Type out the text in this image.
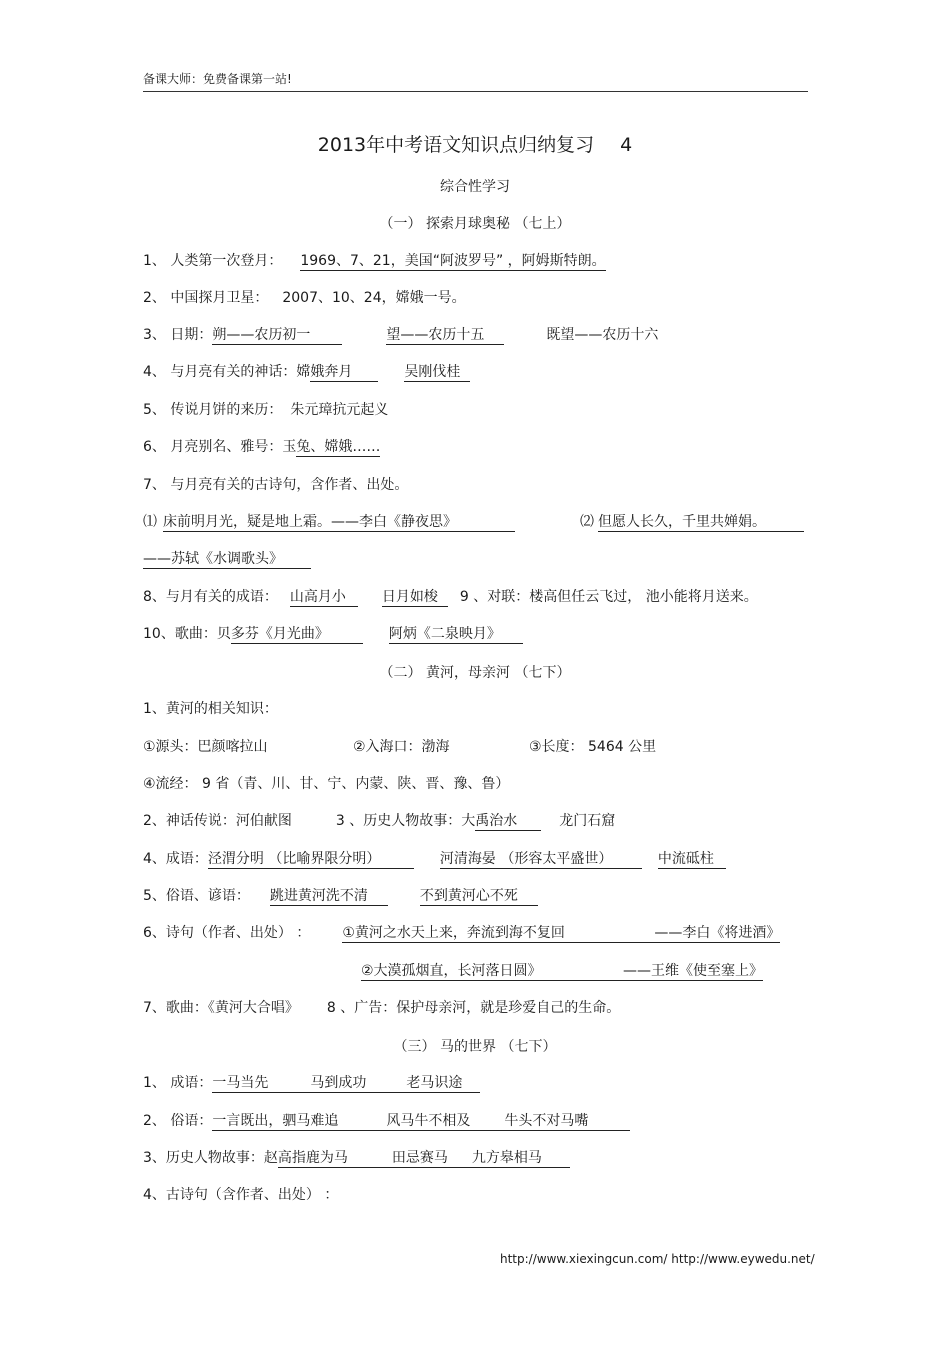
备课大师：免费备课第一站!
2013年中考语文知识点归纳复习 4
综合性学习
（一） 探索月球奥秘 （七上）
1、 人类第一次登月： 1969、7、21，美国“阿波罗号” ，阿姆斯特朗。
2、 中国探月卫星： 2007、10、24，嫦娥一号。
3、 日期：朔——农历初一	望——农历十五	既望——农历十六
4、 与月亮有关的神话：嫦娥奔月	吴刚伐桂
5、 传说月饼的来历： 朱元璋抗元起义
6、 月亮别名、雅号：玉兔、嫦娥……
7、 与月亮有关的古诗句，含作者、出处。
⑴ 床前明月光，疑是地上霜。——李白《静夜思》	⑵ 但愿人长久，千里共婵娟。
——苏轼《水调歌头》
8、与月有关的成语： 山高月小	日月如梭 9 、对联：楼高但任云飞过， 池小能将月送来。
10、歌曲：贝多芬《月光曲》	阿炳《二泉映月》
（二） 黄河，母亲河 （七下）
1、黄河的相关知识：
①源头：巴颜喀拉山	②入海口：渤海	③长度： 5464 公里
④流经： 9 省（青、川、甘、宁、内蒙、陕、晋、豫、鲁）
2、神话传说：河伯献图	3 、历史人物故事：大禹治水	龙门石窟
4、成语：泾渭分明 （比喻界限分明）	河清海晏 （形容太平盛世）	中流砥柱
5、俗语、谚语： 跳进黄河洗不清	不到黄河心不死
6、诗句（作者、出处） ： ①黄河之水天上来，奔流到海不复回	——李白《将进酒》
②大漠孤烟直，长河落日圆》	——王维《使至塞上》
7、歌曲：《黄河大合唱》 8 、广告：保护母亲河，就是珍爱自己的生命。
（三） 马的世界 （七下）
1、 成语：一马当先	马到成功	老马识途
2、 俗语：一言既出，驷马难追	风马牛不相及 牛头不对马嘴
3、历史人物故事：赵高指鹿为马	田忌赛马 九方皋相马
4、古诗句（含作者、出处） ：
http://www.xiexingcun.com/ http://www.eywedu.net/
